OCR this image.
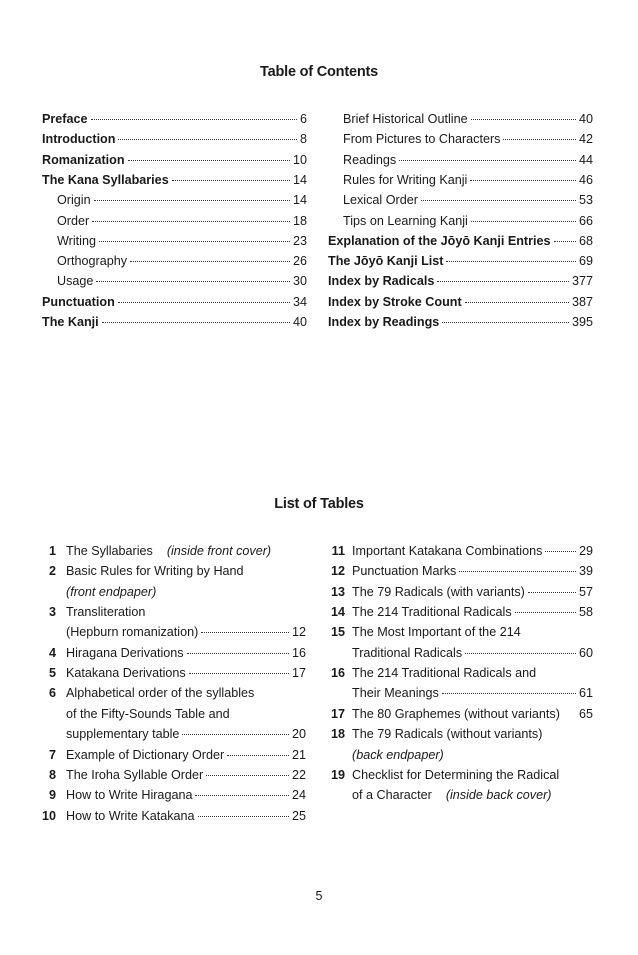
Table of Contents
Preface	6
Introduction	8
Romanization	10
The Kana Syllabaries	14
Origin	14
Order	18
Writing	23
Orthography	26
Usage	30
Punctuation	34
The Kanji	40
Brief Historical Outline	40
From Pictures to Characters	42
Readings	44
Rules for Writing Kanji	46
Lexical Order	53
Tips on Learning Kanji	66
Explanation of the Jōyō Kanji Entries 68
The Jōyō Kanji List	69
Index by Radicals	377
Index by Stroke Count	387
Index by Readings	395
List of Tables
1 The Syllabaries (inside front cover)
2 Basic Rules for Writing by Hand
(front endpaper)
3 Transliteration
(Hepburn romanization)	12
4 Hiragana Derivations	16
5 Katakana Derivations	17
6 Alphabetical order of the syllables
of the Fifty-Sounds Table and
supplementary table	20
7 Example of Dictionary Order	21
8 The Iroha Syllable Order	22
9 How to Write Hiragana	24
10 How to Write Katakana	25
11 Important Katakana Combinations	29
12 Punctuation Marks	39
13 The 79 Radicals (with variants)	57
14 The 214 Traditional Radicals	58
15 The Most Important of the 214
Traditional Radicals	60
16 The 214 Traditional Radicals and
Their Meanings	61
17 The 80 Graphemes (without variants) 65
18 The 79 Radicals (without variants)
(back endpaper)
19 Checklist for Determining the Radical
of a Character (inside back cover)
5
